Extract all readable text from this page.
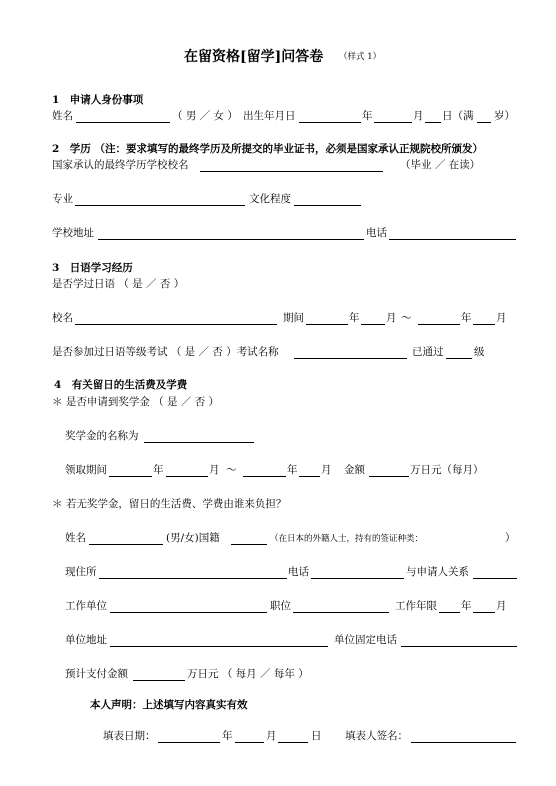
在留资格[留学]问答卷 （样式 1）
1　申请人身份事项
姓名	（ 男 ／ 女 ） 出生年月日	年	月 日（满 岁）
2　学历 （注：要求填写的最终学历及所提交的毕业证书，必须是国家承认正规院校所颁发）
国家承认的最终学历学校校名	（毕业 ／ 在读）
专业	文化程度
学校地址	电话
3　日语学习经历
是否学过日语 （ 是 ／ 否 ）
校名	期间	年	月 ～	年 月
是否参加过日语等级考试 （ 是 ／ 否 ）考试名称	已通过	级
4　有关留日的生活费及学费
＊ 是否申请到奖学金 （ 是 ／ 否 ）
奖学金的名称为
领取期间	年	月 ～	年 月 金额	万日元（每月）
＊ 若无奖学金，留日的生活费、学费由谁来负担？
姓名	(男/女)国籍	（在日本的外籍人士，持有的签证种类：	）
现住所	电话	与申请人关系
工作单位	职位	工作年限 年 月
单位地址	单位固定电话
预计支付金额	万日元 （ 每月 ／ 每年 ）
本人声明：上述填写内容真实有效
填表日期：	年	月	日 填表人签名：
